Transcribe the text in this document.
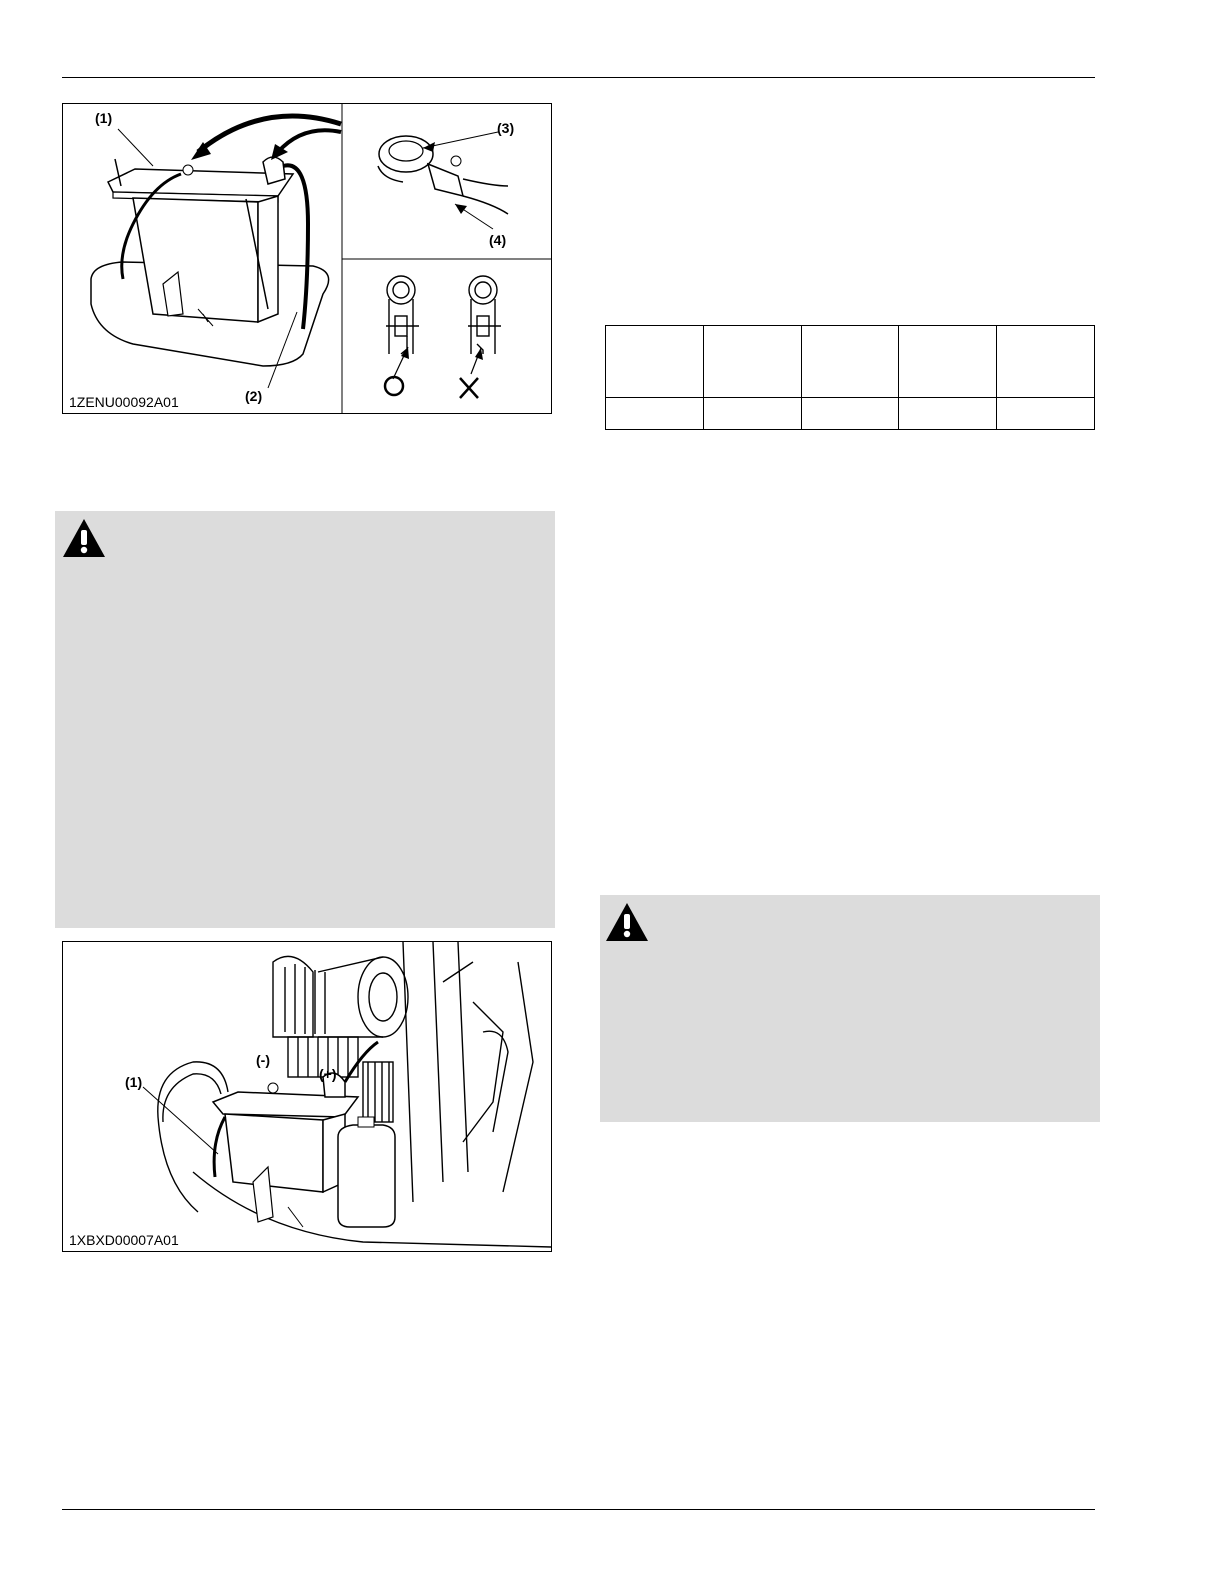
(1)
(2)
(3)
(4)
1ZENU00092A01
(1)
(-)
(+)
1XBXD00007A01
